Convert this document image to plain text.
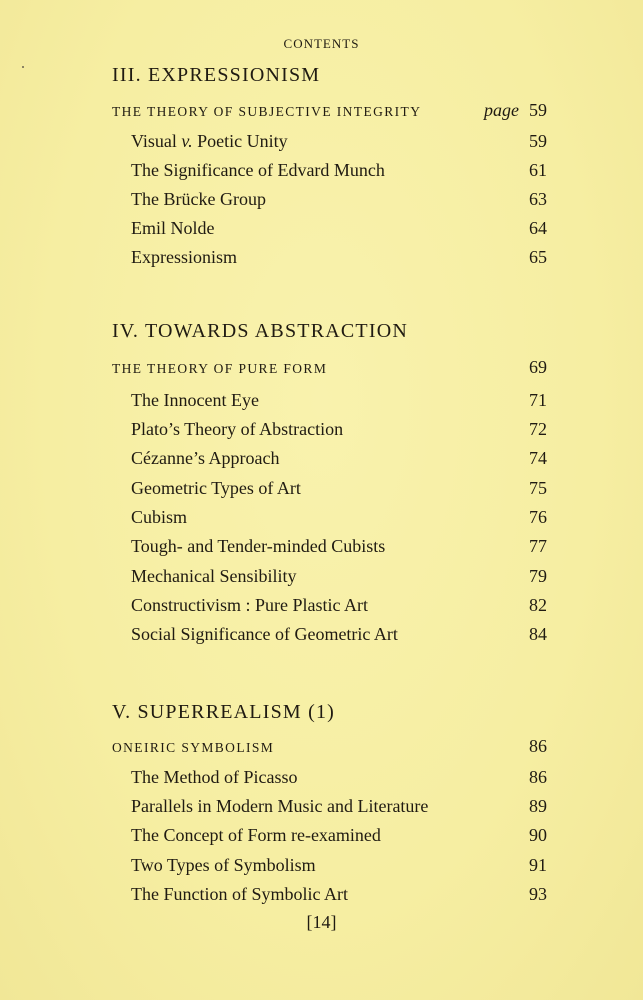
CONTENTS
III. EXPRESSIONISM
THE THEORY OF SUBJECTIVE INTEGRITY	page 59
Visual v. Poetic Unity	59
The Significance of Edvard Munch	61
The Brücke Group	63
Emil Nolde	64
Expressionism	65
IV. TOWARDS ABSTRACTION
THE THEORY OF PURE FORM	69
The Innocent Eye	71
Plato’s Theory of Abstraction	72
Cézanne’s Approach	74
Geometric Types of Art	75
Cubism	76
Tough- and Tender-minded Cubists	77
Mechanical Sensibility	79
Constructivism : Pure Plastic Art	82
Social Significance of Geometric Art	84
V. SUPERREALISM (1)
ONEIRIC SYMBOLISM	86
The Method of Picasso	86
Parallels in Modern Music and Literature	89
The Concept of Form re-examined	90
Two Types of Symbolism	91
The Function of Symbolic Art	93
[14]
